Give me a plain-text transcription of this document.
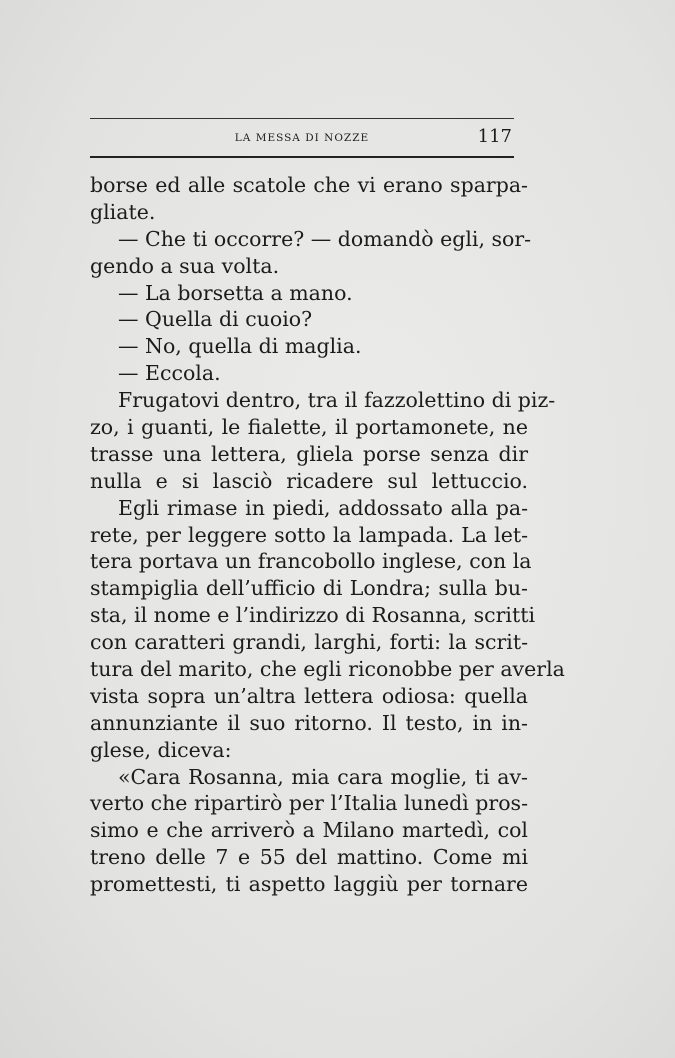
LA MESSA DI NOZZE	117
borse ed alle scatole che vi erano sparpa-
gliate.
— Che ti occorre? — domandò egli, sor-
gendo a sua volta.
— La borsetta a mano.
— Quella di cuoio?
— No, quella di maglia.
— Eccola.
Frugatovi dentro, tra il fazzolettino di piz-
zo, i guanti, le fialette, il portamonete, ne
trasse una lettera, gliela porse senza dir
nulla e si lasciò ricadere sul lettuccio.
Egli rimase in piedi, addossato alla pa-
rete, per leggere sotto la lampada. La let-
tera portava un francobollo inglese, con la
stampiglia dell’ufficio di Londra; sulla bu-
sta, il nome e l’indirizzo di Rosanna, scritti
con caratteri grandi, larghi, forti: la scrit-
tura del marito, che egli riconobbe per averla
vista sopra un’altra lettera odiosa: quella
annunziante il suo ritorno. Il testo, in in-
glese, diceva:
«Cara Rosanna, mia cara moglie, ti av-
verto che ripartirò per l’Italia lunedì pros-
simo e che arriverò a Milano martedì, col
treno delle 7 e 55 del mattino. Come mi
promettesti, ti aspetto laggiù per tornare
